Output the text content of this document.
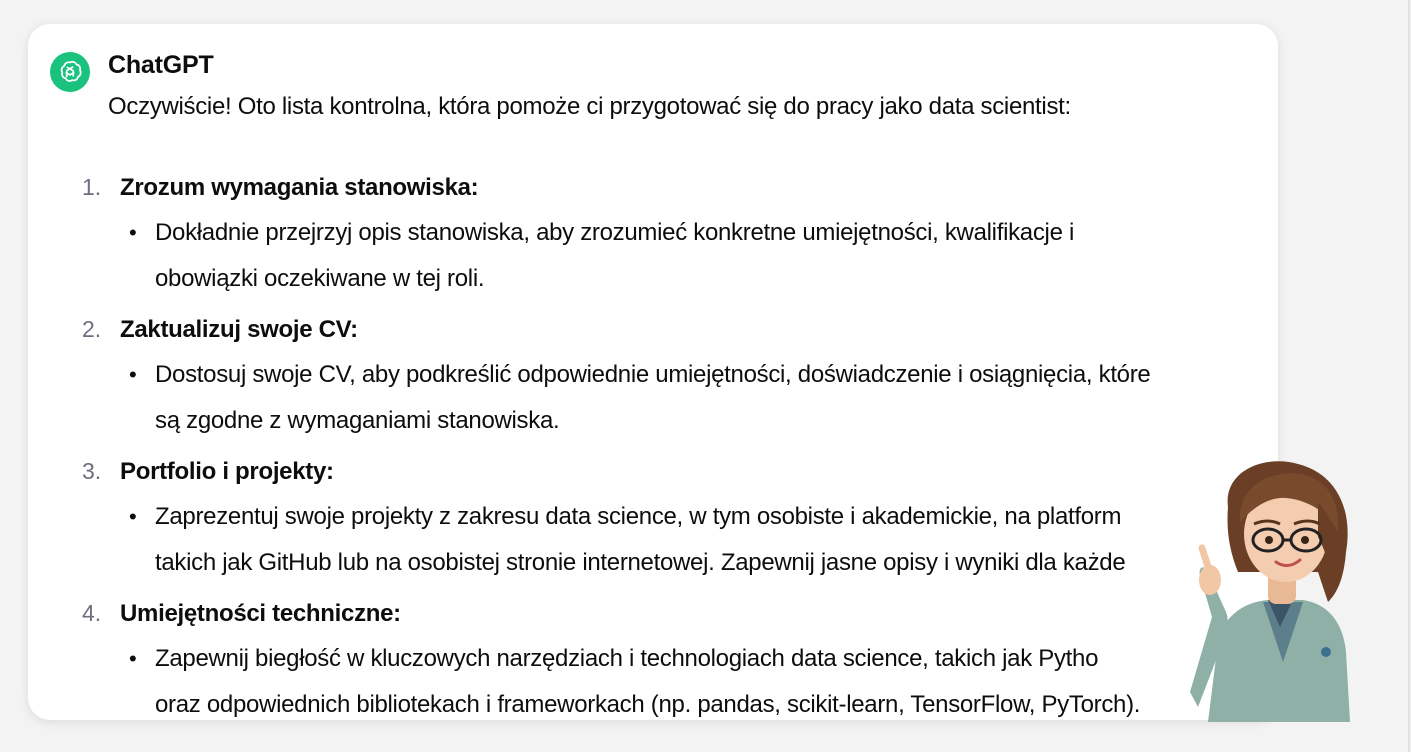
ChatGPT
Oczywiście! Oto lista kontrolna, która pomoże ci przygotować się do pracy jako data scientist:
1. Zrozum wymagania stanowiska:
• Dokładnie przejrzyj opis stanowiska, aby zrozumieć konkretne umiejętności, kwalifikacje i
obowiązki oczekiwane w tej roli.
2. Zaktualizuj swoje CV:
• Dostosuj swoje CV, aby podkreślić odpowiednie umiejętności, doświadczenie i osiągnięcia, które
są zgodne z wymaganiami stanowiska.
3. Portfolio i projekty:
• Zaprezentuj swoje projekty z zakresu data science, w tym osobiste i akademickie, na platform
takich jak GitHub lub na osobistej stronie internetowej. Zapewnij jasne opisy i wyniki dla każde
4. Umiejętności techniczne:
• Zapewnij biegłość w kluczowych narzędziach i technologiach data science, takich jak Pytho
oraz odpowiednich bibliotekach i frameworkach (np. pandas, scikit-learn, TensorFlow, PyTorch).
